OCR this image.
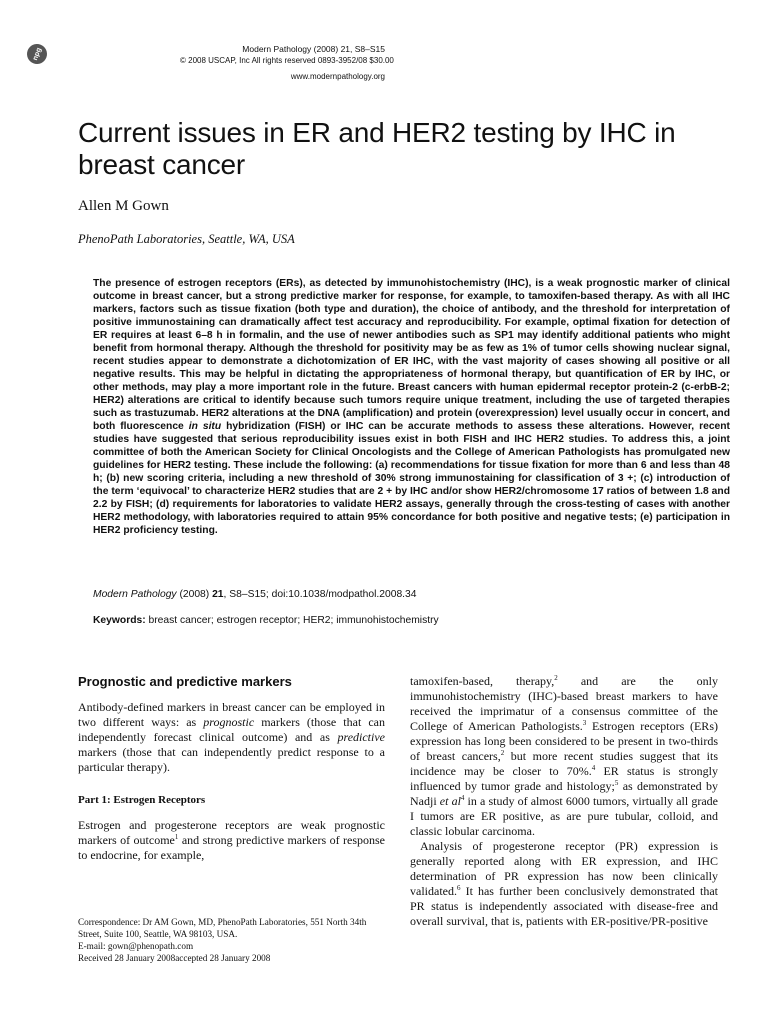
npg	Modern Pathology (2008) 21, S8–S15
© 2008 USCAP, Inc All rights reserved 0893-3952/08 $30.00
www.modernpathology.org
Current issues in ER and HER2 testing by IHC in breast cancer
Allen M Gown
PhenoPath Laboratories, Seattle, WA, USA

The presence of estrogen receptors (ERs), as detected by immunohistochemistry (IHC), is a weak prognostic marker of clinical outcome in breast cancer, but a strong predictive marker for response, for example, to tamoxifen-based therapy. As with all IHC markers, factors such as tissue fixation (both type and duration), the choice of antibody, and the threshold for interpretation of positive immunostaining can dramatically affect test accuracy and reproducibility. For example, optimal fixation for detection of ER requires at least 6–8 h in formalin, and the use of newer antibodies such as SP1 may identify additional patients who might benefit from hormonal therapy. Although the threshold for positivity may be as few as 1% of tumor cells showing nuclear signal, recent studies appear to demonstrate a dichotomization of ER IHC, with the vast majority of cases showing all positive or all negative results. This may be helpful in dictating the appropriateness of hormonal therapy, but quantification of ER by IHC, or other methods, may play a more important role in the future. Breast cancers with human epidermal receptor protein-2 (c-erbB-2; HER2) alterations are critical to identify because such tumors require unique treatment, including the use of targeted therapies such as trastuzumab. HER2 alterations at the DNA (amplification) and protein (overexpression) level usually occur in concert, and both fluorescence in situ hybridization (FISH) or IHC can be accurate methods to assess these alterations. However, recent studies have suggested that serious reproducibility issues exist in both FISH and IHC HER2 studies. To address this, a joint committee of both the American Society for Clinical Oncologists and the College of American Pathologists has promulgated new guidelines for HER2 testing. These include the following: (a) recommendations for tissue fixation for more than 6 and less than 48 h; (b) new scoring criteria, including a new threshold of 30% strong immunostaining for classification of 3 +; (c) introduction of the term ‘equivocal’ to characterize HER2 studies that are 2 + by IHC and/or show HER2/chromosome 17 ratios of between 1.8 and 2.2 by FISH; (d) requirements for laboratories to validate HER2 assays, generally through the cross-testing of cases with another HER2 methodology, with laboratories required to attain 95% concordance for both positive and negative tests; (e) participation in HER2 proficiency testing.

Modern Pathology (2008) 21, S8–S15; doi:10.1038/modpathol.2008.34
Keywords: breast cancer; estrogen receptor; HER2; immunohistochemistry
Prognostic and predictive markers

Antibody-defined markers in breast cancer can be employed in two different ways: as prognostic markers (those that can independently forecast clinical outcome) and as predictive markers (those that can independently predict response to a particular therapy).

Part 1: Estrogen Receptors

Estrogen and progesterone receptors are weak prognostic markers of outcome$^1$ and strong predictive markers of response to endocrine, for example,

Correspondence: Dr AM Gown, MD, PhenoPath Laboratories, 551 North 34th Street, Suite 100, Seattle, WA 98103, USA.
E-mail: gown@phenopath.com
Received 28 January 2008accepted 28 January 2008

tamoxifen-based, therapy,$^2$ and are the only immunohistochemistry (IHC)-based breast markers to have received the imprimatur of a consensus committee of the College of American Pathologists.$^3$ Estrogen receptors (ERs) expression has long been considered to be present in two-thirds of breast cancers,$^2$ but more recent studies suggest that its incidence may be closer to 70%.$^4$ ER status is strongly influenced by tumor grade and histology;$^5$ as demonstrated by Nadji et $al^4$ in a study of almost 6000 tumors, virtually all grade I tumors are ER positive, as are pure tubular, colloid, and classic lobular carcinoma.

Analysis of progesterone receptor (PR) expression is generally reported along with ER expression, and IHC determination of PR expression has now been clinically validated.$^6$ It has further been conclusively demonstrated that PR status is independently associated with disease-free and overall survival, that is, patients with ER-positive/PR-positive
